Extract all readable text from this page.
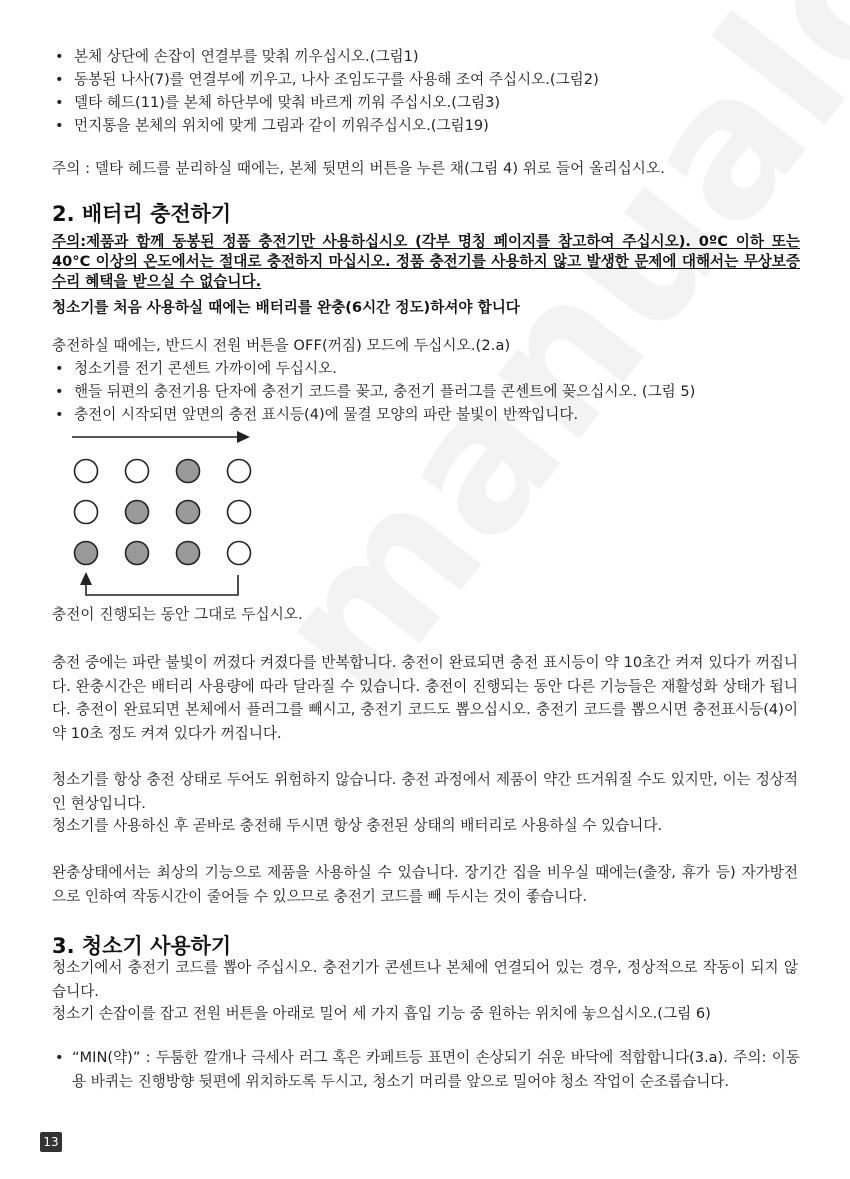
• 본체 상단에 손잡이 연결부를 맞춰 끼우십시오.(그림1)
• 동봉된 나사(7)를 연결부에 끼우고, 나사 조임도구를 사용해 조여 주십시오.(그림2)
• 델타 헤드(11)를 본체 하단부에 맞춰 바르게 끼워 주십시오.(그림3)
• 먼지통을 본체의 위치에 맞게 그림과 같이 끼워주십시오.(그림19)
주의 : 델타 헤드를 분리하실 때에는, 본체 뒷면의 버튼을 누른 채(그림 4) 위로 들어 올리십시오.
2. 배터리 충전하기
주의:제품과 함께 동봉된 정품 충전기만 사용하십시오 (각부 명칭 페이지를 참고하여 주십시오). 0ºC 이하 또는 40°C 이상의 온도에서는 절대로 충전하지 마십시오. 정품 충전기를 사용하지 않고 발생한 문제에 대해서는 무상보증수리 혜택을 받으실 수 없습니다.
청소기를 처음 사용하실 때에는 배터리를 완충(6시간 정도)하셔야 합니다
충전하실 때에는, 반드시 전원 버튼을 OFF(꺼짐) 모드에 두십시오.(2.a)
• 청소기를 전기 콘센트 가까이에 두십시오.
• 핸들 뒤편의 충전기용 단자에 충전기 코드를 꽂고, 충전기 플러그를 콘센트에 꽂으십시오. (그림 5)
• 충전이 시작되면 앞면의 충전 표시등(4)에 물결 모양의 파란 불빛이 반짝입니다.
충전이 진행되는 동안 그대로 두십시오.
충전 중에는 파란 불빛이 꺼졌다 켜졌다를 반복합니다. 충전이 완료되면 충전 표시등이 약 10초간 켜져 있다가 꺼집니다. 완충시간은 배터리 사용량에 따라 달라질 수 있습니다. 충전이 진행되는 동안 다른 기능들은 재활성화 상태가 됩니다. 충전이 완료되면 본체에서 플러그를 빼시고, 충전기 코드도 뽑으십시오. 충전기 코드를 뽑으시면 충전표시등(4)이 약 10초 정도 켜져 있다가 꺼집니다.
청소기를 항상 충전 상태로 두어도 위험하지 않습니다. 충전 과정에서 제품이 약간 뜨거워질 수도 있지만, 이는 정상적인 현상입니다.
청소기를 사용하신 후 곧바로 충전해 두시면 항상 충전된 상태의 배터리로 사용하실 수 있습니다.
완충상태에서는 최상의 기능으로 제품을 사용하실 수 있습니다. 장기간 집을 비우실 때에는(출장, 휴가 등) 자가방전 으로 인하여 작동시간이 줄어들 수 있으므로 충전기 코드를 빼 두시는 것이 좋습니다.
3. 청소기 사용하기
청소기에서 충전기 코드를 뽑아 주십시오. 충전기가 콘센트나 본체에 연결되어 있는 경우, 정상적으로 작동이 되지 않습니다.
청소기 손잡이를 잡고 전원 버튼을 아래로 밀어 세 가지 흡입 기능 중 원하는 위치에 놓으십시오.(그림 6)
• “MIN(약)” : 두툼한 깔개나 극세사 러그 혹은 카페트등 표면이 손상되기 쉬운 바닥에 적합합니다(3.a). 주의: 이동용 바퀴는 진행방향 뒷편에 위치하도록 두시고, 청소기 머리를 앞으로 밀어야 청소 작업이 순조롭습니다.
13
